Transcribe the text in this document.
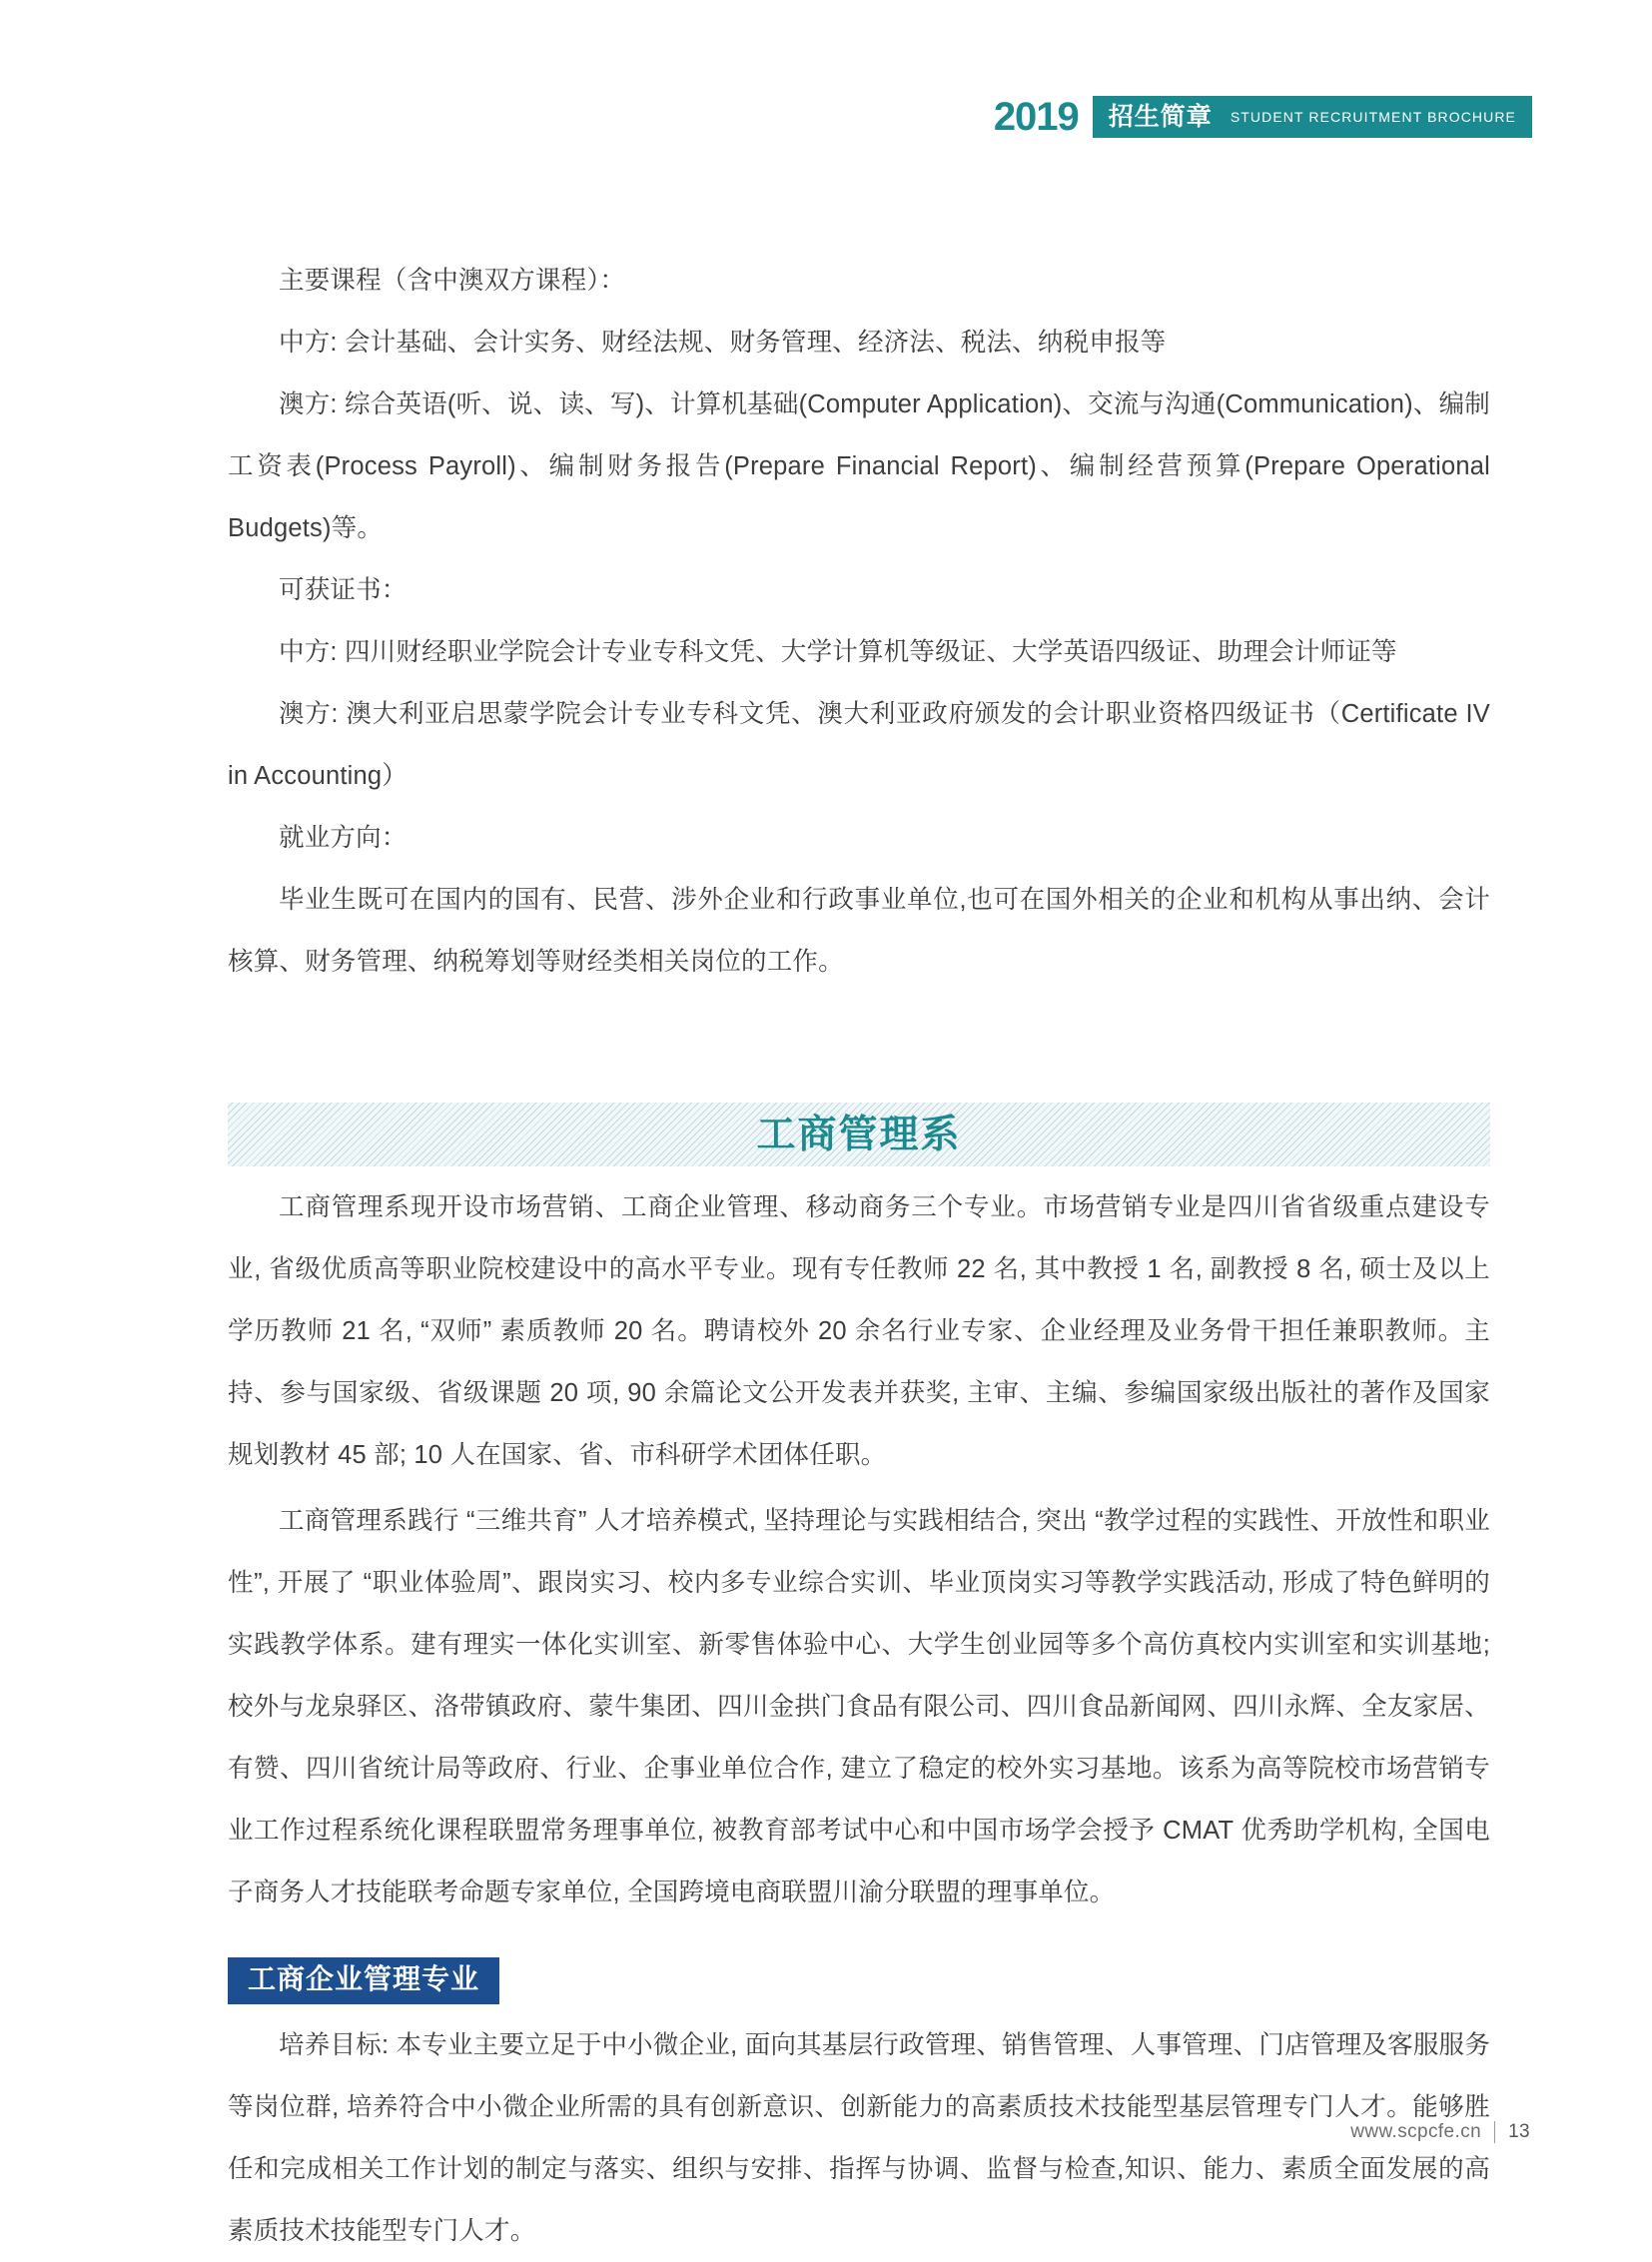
2019	招生简章 STUDENT RECRUITMENT BROCHURE

主要课程（含中澳双方课程）：

中方: 会计基础、会计实务、财经法规、财务管理、经济法、税法、纳税申报等

澳方: 综合英语(听、说、读、写)、计算机基础(Computer Application)、交流与沟通(Communication)、编制工资表(Process Payroll)、编制财务报告(Prepare Financial Report)、编制经营预算(Prepare Operational Budgets)等。

可获证书：

中方: 四川财经职业学院会计专业专科文凭、大学计算机等级证、大学英语四级证、助理会计师证等

澳方: 澳大利亚启思蒙学院会计专业专科文凭、澳大利亚政府颁发的会计职业资格四级证书（Certificate IV in Accounting）

就业方向：

毕业生既可在国内的国有、民营、涉外企业和行政事业单位,也可在国外相关的企业和机构从事出纳、会计核算、财务管理、纳税筹划等财经类相关岗位的工作。

工商管理系

工商管理系现开设市场营销、工商企业管理、移动商务三个专业。市场营销专业是四川省省级重点建设专业, 省级优质高等职业院校建设中的高水平专业。现有专任教师 22 名, 其中教授 1 名, 副教授 8 名, 硕士及以上学历教师 21 名, “双师” 素质教师 20 名。聘请校外 20 余名行业专家、企业经理及业务骨干担任兼职教师。主持、参与国家级、省级课题 20 项, 90 余篇论文公开发表并获奖, 主审、主编、参编国家级出版社的著作及国家规划教材 45 部; 10 人在国家、省、市科研学术团体任职。

工商管理系践行 “三维共育” 人才培养模式, 坚持理论与实践相结合, 突出 “教学过程的实践性、开放性和职业性”, 开展了 “职业体验周”、跟岗实习、校内多专业综合实训、毕业顶岗实习等教学实践活动, 形成了特色鲜明的实践教学体系。建有理实一体化实训室、新零售体验中心、大学生创业园等多个高仿真校内实训室和实训基地; 校外与龙泉驿区、洛带镇政府、蒙牛集团、四川金拱门食品有限公司、四川食品新闻网、四川永辉、全友家居、有赞、四川省统计局等政府、行业、企事业单位合作, 建立了稳定的校外实习基地。该系为高等院校市场营销专业工作过程系统化课程联盟常务理事单位, 被教育部考试中心和中国市场学会授予 CMAT 优秀助学机构, 全国电子商务人才技能联考命题专家单位, 全国跨境电商联盟川渝分联盟的理事单位。

工商企业管理专业

培养目标: 本专业主要立足于中小微企业, 面向其基层行政管理、销售管理、人事管理、门店管理及客服服务等岗位群, 培养符合中小微企业所需的具有创新意识、创新能力的高素质技术技能型基层管理专门人才。能够胜任和完成相关工作计划的制定与落实、组织与安排、指挥与协调、监督与检查,知识、能力、素质全面发展的高素质技术技能型专门人才。

www.scpcfe.cn 13
